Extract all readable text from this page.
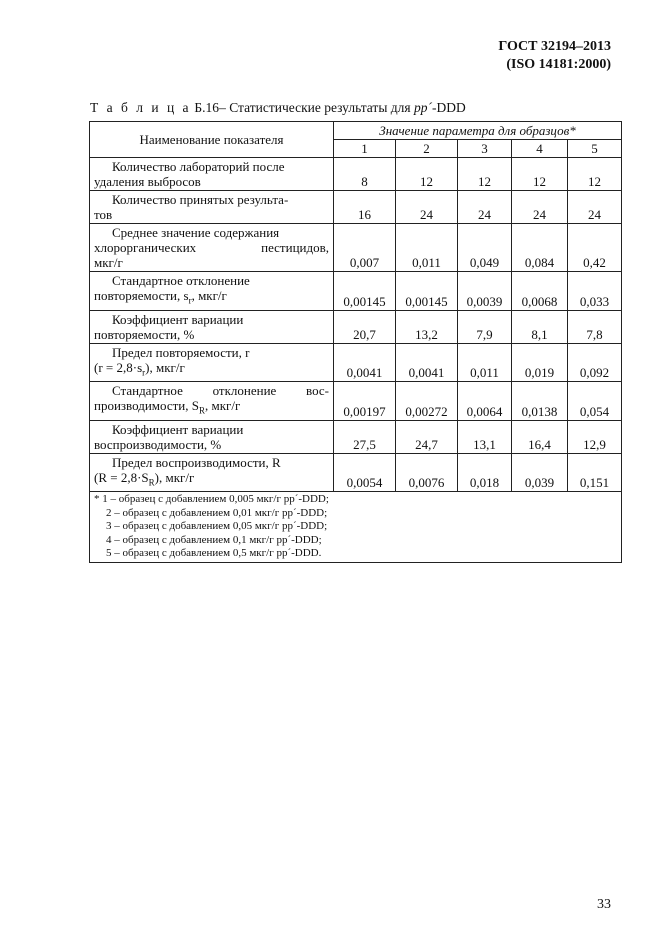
ГОСТ 32194–2013
(ISO 14181:2000)
Т а б л и ц а Б.16– Статистические результаты для pp´-DDD
Наименование показателя	Значение параметра для образцов*				
	1	2	3	4	5

Количество лабораторий после
удаления выбросов	8	12	12	12	12

Количество принятых результа-
тов	16	24	24	24	24

Среднее значение содержания
хлорорганических пестицидов,
мкг/г	0,007	0,011	0,049	0,084	0,42

Стандартное отклонение
повторяемости, $s_r$, мкг/г	0,00145	0,00145	0,0039	0,0068	0,033

Коэффициент вариации
повторяемости, %	20,7	13,2	7,9	8,1	7,8

Предел повторяемости, r
$(r = 2,8\cdot s_r)$, мкг/г	0,0041	0,0041	0,011	0,019	0,092

Стандартное отклонение вос-
производимости, $S_R$, мкг/г	0,00197	0,00272	0,0064	0,0138	0,054

Коэффициент вариации
воспроизводимости, %	27,5	24,7	13,1	16,4	12,9

Предел воспроизводимости, R
$(R = 2,8\cdot S_R)$, мкг/г	0,0054	0,0076	0,018	0,039	0,151

* 1 – образец с добавлением 0,005 мкг/г pp´-DDD;
2 – образец с добавлением 0,01 мкг/г pp´-DDD;
3 – образец с добавлением 0,05 мкг/г pp´-DDD;
4 – образец с добавлением 0,1 мкг/г pp´-DDD;
5 – образец с добавлением 0,5 мкг/г pp´-DDD.					
33
